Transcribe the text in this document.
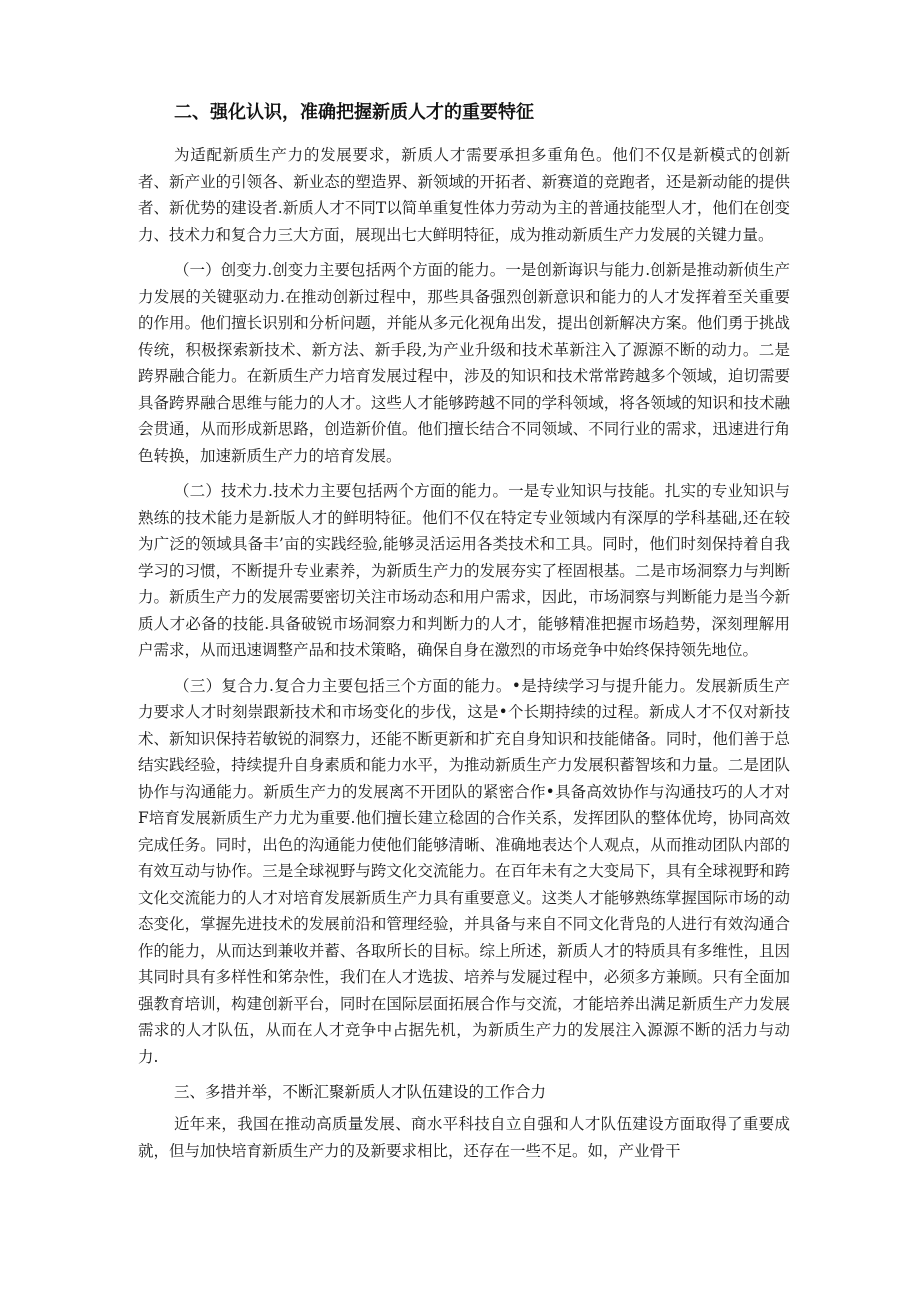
二、强化认识，准确把握新质人才的重要特征

为适配新质生产力的发展要求，新质人才需要承担多重角色。他们不仅是新模式的创新者、新产业的引领各、新业态的塑造界、新领域的开拓者、新赛道的竞跑者，还是新动能的提供者、新优势的建设者.新质人才不同T以简单重复性体力劳动为主的普通技能型人才，他们在创变力、技术力和复合力三大方面，展现出七大鲜明特征，成为推动新质生产力发展的关键力量。

（一）创变力.创变力主要包括两个方面的能力。一是创新诲识与能力.创新是推动新侦生产力发展的关键驱动力.在推动创新过程中，那些具备强烈创新意识和能力的人才发挥着至关重要的作用。他们擅长识别和分析问题，并能从多元化视角出发，提出创新解决方案。他们勇于挑战传统，积极探索新技术、新方法、新手段,为产业升级和技术革新注入了源源不断的动力。二是跨界融合能力。在新质生产力培育发展过程中，涉及的知识和技术常常跨越多个领域，迫切需要具备跨界融合思维与能力的人才。这些人才能够跨越不同的学科领域，将各领域的知识和技术融会贯通，从而形成新思路，创造新价值。他们擅长结合不同领域、不同行业的需求，迅速进行角色转换，加速新质生产力的培育发展。

（二）技术力.技术力主要包括两个方面的能力。一是专业知识与技能。扎实的专业知识与熟练的技术能力是新版人才的鲜明特征。他们不仅在特定专业领域内有深厚的学科基础,还在较为广泛的领域具备丰’亩的实践经验,能够灵活运用各类技术和工具。同时，他们时刻保持着自我学习的习惯，不断提升专业素养，为新质生产力的发展夯实了桎固根基。二是市场洞察力与判断力。新质生产力的发展需要密切关注市场动态和用户需求，因此，市场洞察与判断能力是当今新质人才必备的技能.具备破锐市场洞察力和判断力的人才，能够精准把握市场趋势，深刻理解用户需求，从而迅速调整产品和技术策略，确保自身在激烈的市场竞争中始终保持领先地位。

（三）复合力.复合力主要包括三个方面的能力。•是持续学习与提升能力。发展新质生产力要求人才时刻崇跟新技术和市场变化的步伐，这是•个长期持续的过程。新成人才不仅对新技术、新知识保持若敏锐的洞察力，还能不断更新和扩充自身知识和技能储备。同时，他们善于总结实践经验，持续提升自身素质和能力水平，为推动新质生产力发展积蓄智垓和力量。二是团队协作与沟通能力。新质生产力的发展离不开团队的紧密合作•具备高效协作与沟通技巧的人才对F培育发展新质生产力尤为重要.他们擅长建立稔固的合作关系，发挥团队的整体优垮，协同高效完成任务。同时，出色的沟通能力使他们能够清晰、准确地表达个人观点，从而推动团队内部的有效互动与协作。三是全球视野与跨文化交流能力。在百年未有之大变局下，具有全球视野和跨文化交流能力的人才对培育发展新质生产力具有重要意义。这类人才能够熟练掌握国际市场的动态变化，掌握先进技术的发展前沿和管理经验，并具备与来自不同文化背凫的人进行有效沟通合作的能力，从而达到兼收并蓄、各取所长的目标。综上所述，新质人才的特质具有多维性，且因其同时具有多样性和笫杂性，我们在人才选拔、培养与发屣过程中，必须多方兼顾。只有全面加强教育培训，构建创新平台，同时在国际层面拓展合作与交流，才能培养出满足新质生产力发展需求的人才队伍，从而在人才竞争中占据先机，为新质生产力的发展注入源源不断的活力与动力.

三、多措并举，不断汇聚新质人才队伍建设的工作合力

近年来，我国在推动高质量发展、商水平科技自立自强和人才队伍建设方面取得了重要成就，但与加快培育新质生产力的及新要求相比，还存在一些不足。如，产业骨干
